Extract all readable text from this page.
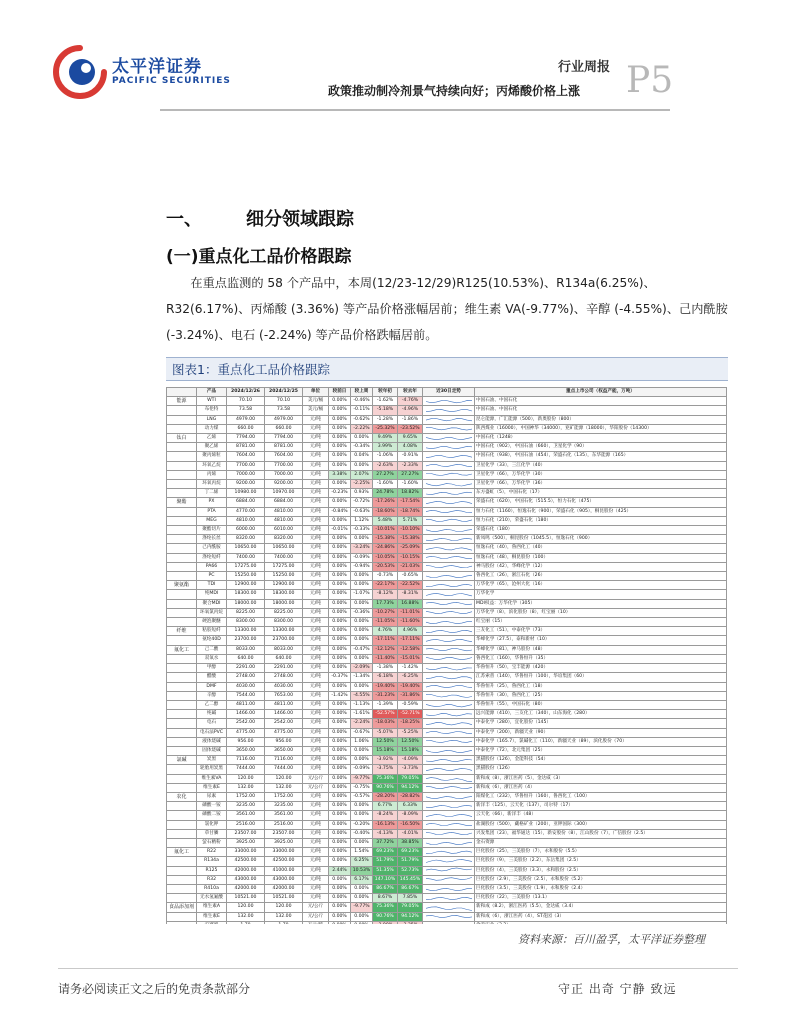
太平洋证券
PACIFIC SECURITIES
行业周报
政策推动制冷剂景气持续向好；丙烯酸价格上涨 P5
一、 细分领域跟踪
(一)重点化工品价格跟踪
在重点监测的 58 个产品中，本周(12/23-12/29)R125(10.53%)、R134a(6.25%)、R32(6.17%)、丙烯酸 (3.36%) 等产品价格涨幅居前；维生素 VA(-9.77%)、辛醇 (-4.55%)、己内酰胺 (-3.24%)、电石 (-2.24%) 等产品价格跌幅居前。
图表1：重点化工品价格跟踪
	产品	2024/12/26	2024/12/25	单位	较前日	较上周	较年初	较去年	近30日走势	重点上市公司（权益产能，万吨）
能源	WTI	70.10	70.10	美元/桶	0.00%	-0.46%	-1.62%	-4.76%		中国石油、中国石化
	布伦特	73.58	73.58	美元/桶	0.00%	-0.11%	-5.18%	-4.96%		中国石油、中国石化
	LNG	4979.00	4979.00	元/吨	0.00%	-0.62%	-1.28%	-1.86%		昆仑能源，广汇能源（500），新奥股份（800）
	动力煤	660.00	660.00	元/吨	0.00%	-2.22%	-25.32%	-23.52%		陕西煤业（16000），中国神华（34000），兖矿能源（18000），华阳股份（14300）
钛白	乙烯	7794.00	7794.00	元/吨	0.00%	0.00%	9.49%	9.65%		中国石化（1248）
	聚乙烯	8781.00	8781.00	元/吨	0.00%	-0.34%	3.99%	4.08%		中国石化（902），中国石油（660），卫星化学（90）
	聚丙烯粒	7604.00	7604.00	元/吨	0.00%	0.04%	-1.06%	-0.91%		中国石化（938），中国石油（454），荣盛石化（135），东华能源（165）
	环氧乙烷	7700.00	7700.00	元/吨	0.00%	0.00%	-2.63%	-2.33%		卫星化学（33），三江化学（40）
	丙烯	7000.00	7000.00	元/吨	3.38%	2.07%	27.27%	27.27%		卫星化学（66），万华化学（30）
	环氧丙烷	9200.00	9200.00	元/吨	0.00%	-2.25%	-1.60%	-1.60%		卫星化学（66），万华化学（36）
	丁二烯	10980.00	10970.00	元/吨	-0.23%	0.93%	24.78%	18.82%		东方盛虹（5），中国石化（17）
聚酯	PX	6884.00	6884.00	元/吨	0.00%	-0.72%	-17.26%	-17.54%		荣盛石化（620），中国石化（515.5），恒力石化（475）
	PTA	4770.00	4810.00	元/吨	-0.84%	-0.63%	-18.60%	-18.74%		恒力石化（1160），恒逸石化（900），荣盛石化（905），桐昆股份（425）
	MEG	4810.00	4810.00	元/吨	0.00%	1.12%	5.48%	5.71%		恒力石化（210），荣盛石化（180）
	聚酯切片	6000.00	6010.00	元/吨	-0.01%	-0.33%	-10.01%	-10.10%		荣盛石化（180）
	涤纶长丝	8320.00	8320.00	元/吨	0.00%	0.00%	-15.38%	-15.38%		新凤鸣（500），桐昆股份（1045.5），恒逸石化（900）
	己内酰胺	10650.00	10650.00	元/吨	0.00%	-3.24%	-24.86%	-25.09%		恒逸石化（40），鲁西化工（40）
	涤纶短纤	7400.00	7400.00	元/吨	0.00%	-0.09%	-10.05%	-10.15%		恒逸石化（48），桐昆股份（100）
	PA66	17275.00	17275.00	元/吨	0.00%	-0.94%	-20.53%	-21.03%		神马股份（42），华峰化学（12）
	PC	15250.00	15250.00	元/吨	0.00%	0.00%	-0.73%	-0.65%		鲁西化工（26），浙江石化（26）
聚氨酯	TDI	12900.00	12900.00	元/吨	0.00%	0.00%	-22.17%	-22.52%		万华化学（65），沧州大化（16）
	纯MDI	18300.00	18300.00	元/吨	0.00%	-1.07%	-8.12%	-8.31%		万华化学
	聚合MDI	18000.00	18000.00	元/吨	0.00%	0.00%	17.73%	16.88%		MDI权益：万华化学（305）
	环氧氯丙烷	8225.00	8225.00	元/吨	0.00%	-0.36%	-10.27%	-11.01%		万华化学（8），滨化股份（8），红宝丽（10）
	硬泡聚醚	8300.00	8300.00	元/吨	0.00%	0.00%	-11.05%	-11.60%		红宝丽（15）
纤维	粘胶短纤	13300.00	13300.00	元/吨	0.00%	0.00%	4.76%	4.96%		三友化工（51），中泰化学（73）
	氨纶40D	23700.00	23700.00	元/吨	0.00%	0.00%	-17.11%	-17.11%		华峰化学（27.5），泰和新材（10）
氟化工	己二酸	8033.00	8033.00	元/吨	0.00%	-0.47%	-12.12%	-12.58%		华峰化学（81），神马股份（48）
	双氧水	640.00	640.00	元/吨	0.00%	0.00%	-11.40%	-15.01%		鲁西化工（160），华鲁恒升（35）
	甲醇	2291.00	2291.00	元/吨	0.00%	-2.09%	-1.38%	-1.42%		华鲁恒升（50），宝丰能源（420）
	醋酸	2748.00	2748.00	元/吨	-0.37%	-1.34%	-6.18%	-6.25%		江苏索普（140），华鲁恒升（100），华谊集团（60）
	DMF	4030.00	4030.00	元/吨	0.00%	0.00%	-19.40%	-19.40%		华鲁恒升（25），鲁西化工（18）
	辛醇	7544.00	7653.00	元/吨	-1.42%	-4.55%	-31.23%	-31.86%		华鲁恒升（30），鲁西化工（25）
	乙二醇	4811.00	4811.00	元/吨	0.00%	-1.13%	-1.39%	-0.59%		华鲁恒升（55），中国石化（80）
	纯碱	1466.00	1466.00	元/吨	0.00%	-1.61%	-52.57%	-52.71%		远兴能源（410），三友化工（340），山东海化（280）
	电石	2542.00	2542.00	元/吨	0.00%	-2.24%	-18.03%	-18.25%		中泰化学（280），宜化股份（145）
	电石法PVC	4775.00	4775.00	元/吨	0.00%	-0.67%	-5.07%	-5.25%		中泰化学（200），新疆天业（90）
	液体烧碱	956.00	956.00	元/吨	0.00%	1.06%	12.50%	12.50%		中泰化学（165.7），氯碱化工（110），新疆天业（89），滨化股份（70）
	固体烧碱	3650.00	3650.00	元/吨	0.00%	0.00%	15.18%	15.18%		中泰化学（72），北元集团（25）
氯碱	炭黑	7116.00	7116.00	元/吨	0.00%	0.00%	-3.92%	-4.09%		黑猫股份（126），金能科技（54）
	轮胎用炭黑	7444.00	7444.00	元/吨	0.00%	-0.09%	-3.75%	-3.73%		黑猫股份（126）
	维生素VA	120.00	120.00	元/公斤	0.00%	-9.77%	75.36%	79.05%		新和成（8），浙江医药（5），金达威（3）
	维生素E	132.00	132.00	元/公斤	0.00%	-0.75%	90.76%	94.12%		新和成（6），浙江医药（4）
农化	尿素	1752.00	1752.00	元/吨	0.00%	-0.57%	-28.20%	-28.82%		阳煤化工（232），华鲁恒升（160），鲁西化工（100）
	磷酸一铵	3235.00	3235.00	元/吨	0.00%	0.00%	6.77%	6.33%		新洋丰（125），云天化（137），司尔特（17）
	磷酸二铵	3561.00	3561.00	元/吨	0.00%	0.00%	-8.24%	-8.09%		云天化（66），新洋丰（48）
	氯化钾	2516.00	2516.00	元/吨	0.00%	-0.20%	-16.13%	-16.50%		盐湖股份（500），藏格矿业（200），亚钾国际（300）
	草甘膦	23507.00	23507.00	元/吨	0.00%	-0.40%	-4.13%	-4.01%		兴发集团（23），福华通达（15），新安股份（8），江山股份（7），广信股份（2.5）
	萤石精粉	3925.00	3925.00	元/吨	0.00%	0.00%	37.72%	38.85%		金石资源
氟化工	R22	33000.00	33000.00	元/吨	0.00%	1.54%	69.23%	69.23%		巨化股份（25），三美股份（7），永和股份（5.5）
	R134a	42500.00	42500.00	元/吨	0.00%	6.25%	51.79%	51.79%		巨化股份（9），三美股份（2.2），东岳集团（2.5）
	R125	42000.00	41000.00	元/吨	2.44%	10.53%	51.35%	52.73%		巨化股份（4），三美股份（3.3），永和股份（2.5）
	R32	43000.00	43000.00	元/吨	0.00%	6.17%	147.10%	145.45%		巨化股份（2.9），三美股份（2.5），永和股份（5.2）
	R410a	42000.00	42000.00	元/吨	0.00%	0.00%	86.67%	86.67%		巨化股份（3.5），三美股份（1.9），永和股份（2.4）
	无水氢氟酸	10521.00	10521.00	元/吨	0.00%	0.00%	8.67%	7.85%		巨化股份（22），三美股份（13.1）
食品添加剂	维生素A	120.00	120.00	元/公斤	0.00%	-9.77%	75.36%	79.05%		新和成（8.2），浙江医药（5.5），金达威（3.4）
	维生素E	132.00	132.00	元/公斤	0.00%	0.00%	90.76%	94.12%		新和成（6），浙江医药（4），ST花园（3）

资料来源：百川盈孚，太平洋证券整理
请务必阅读正文之后的免责条款部分	守正 出奇 宁静 致远
